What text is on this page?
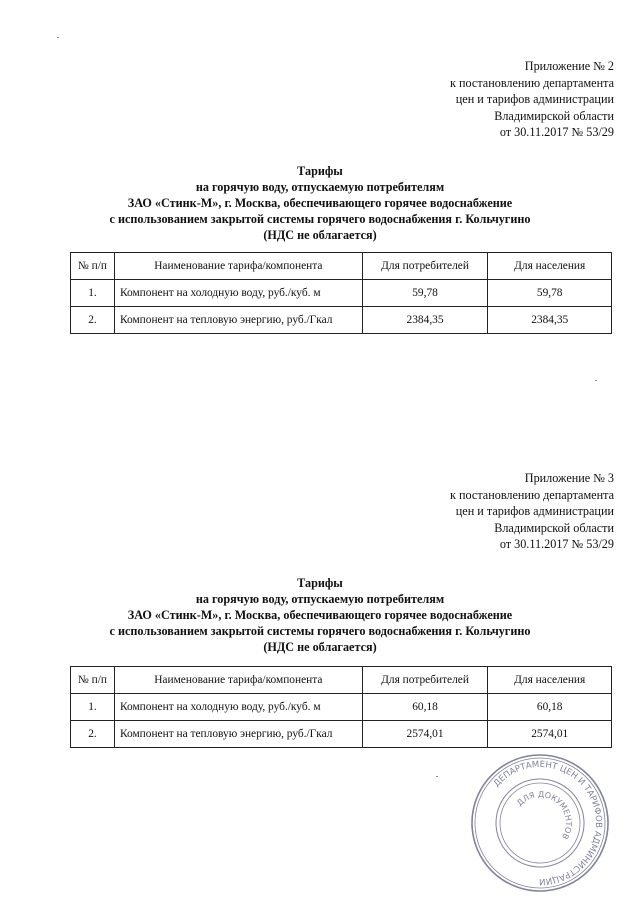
Приложение № 2
к постановлению департамента
цен и тарифов администрации
Владимирской области
от 30.11.2017 № 53/29
Тарифы
на горячую воду, отпускаемую потребителям
ЗАО «Стинк-М», г. Москва, обеспечивающего горячее водоснабжение
с использованием закрытой системы горячего водоснабжения г. Кольчугино
(НДС не облагается)
№ п/п	Наименование тарифа/компонента	Для потребителей	Для населения
1.	Компонент на холодную воду, руб./куб. м	59,78	59,78
2.	Компонент на тепловую энергию, руб./Гкал	2384,35	2384,35
Приложение № 3
к постановлению департамента
цен и тарифов администрации
Владимирской области
от 30.11.2017 № 53/29
Тарифы
на горячую воду, отпускаемую потребителям
ЗАО «Стинк-М», г. Москва, обеспечивающего горячее водоснабжение
с использованием закрытой системы горячего водоснабжения г. Кольчугино
(НДС не облагается)
№ п/п	Наименование тарифа/компонента	Для потребителей	Для населения
1.	Компонент на холодную воду, руб./куб. м	60,18	60,18
2.	Компонент на тепловую энергию, руб./Гкал	2574,01	2574,01
ДЕПАРТАМЕНТ ЦЕН И ТАРИФОВ АДМИНИСТРАЦИИ
ДЛЯ ДОКУМЕНТОВ
